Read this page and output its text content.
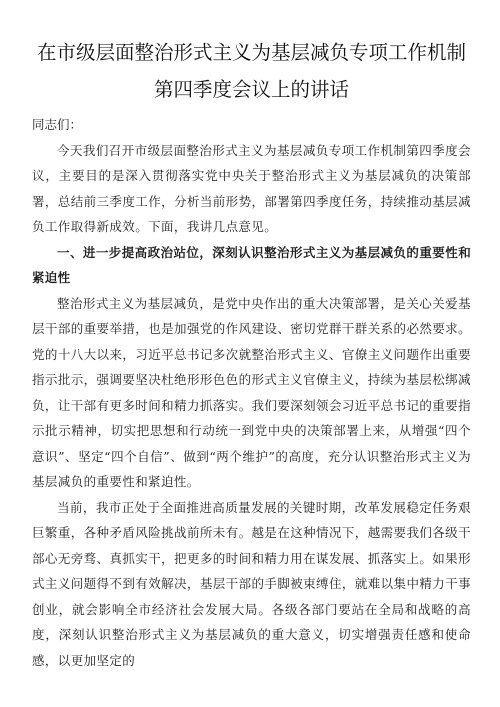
在市级层面整治形式主义为基层减负专项工作机制第四季度会议上的讲话

同志们：

今天我们召开市级层面整治形式主义为基层减负专项工作机制第四季度会议，主要目的是深入贯彻落实党中央关于整治形式主义为基层减负的决策部署，总结前三季度工作，分析当前形势，部署第四季度任务，持续推动基层减负工作取得新成效。下面，我讲几点意见。

一、进一步提高政治站位，深刻认识整治形式主义为基层减负的重要性和紧迫性

整治形式主义为基层减负，是党中央作出的重大决策部署，是关心关爱基层干部的重要举措，也是加强党的作风建设、密切党群干群关系的必然要求。党的十八大以来，习近平总书记多次就整治形式主义、官僚主义问题作出重要指示批示，强调要坚决杜绝形形色色的形式主义官僚主义，持续为基层松绑减负，让干部有更多时间和精力抓落实。我们要深刻领会习近平总书记的重要指示批示精神，切实把思想和行动统一到党中央的决策部署上来，从增强“四个意识”、坚定“四个自信”、做到“两个维护”的高度，充分认识整治形式主义为基层减负的重要性和紧迫性。

当前，我市正处于全面推进高质量发展的关键时期，改革发展稳定任务艰巨繁重，各种矛盾风险挑战前所未有。越是在这种情况下，越需要我们各级干部心无旁骛、真抓实干，把更多的时间和精力用在谋发展、抓落实上。如果形式主义问题得不到有效解决，基层干部的手脚被束缚住，就难以集中精力干事创业，就会影响全市经济社会发展大局。各级各部门要站在全局和战略的高度，深刻认识整治形式主义为基层减负的重大意义，切实增强责任感和使命感，以更加坚定的
